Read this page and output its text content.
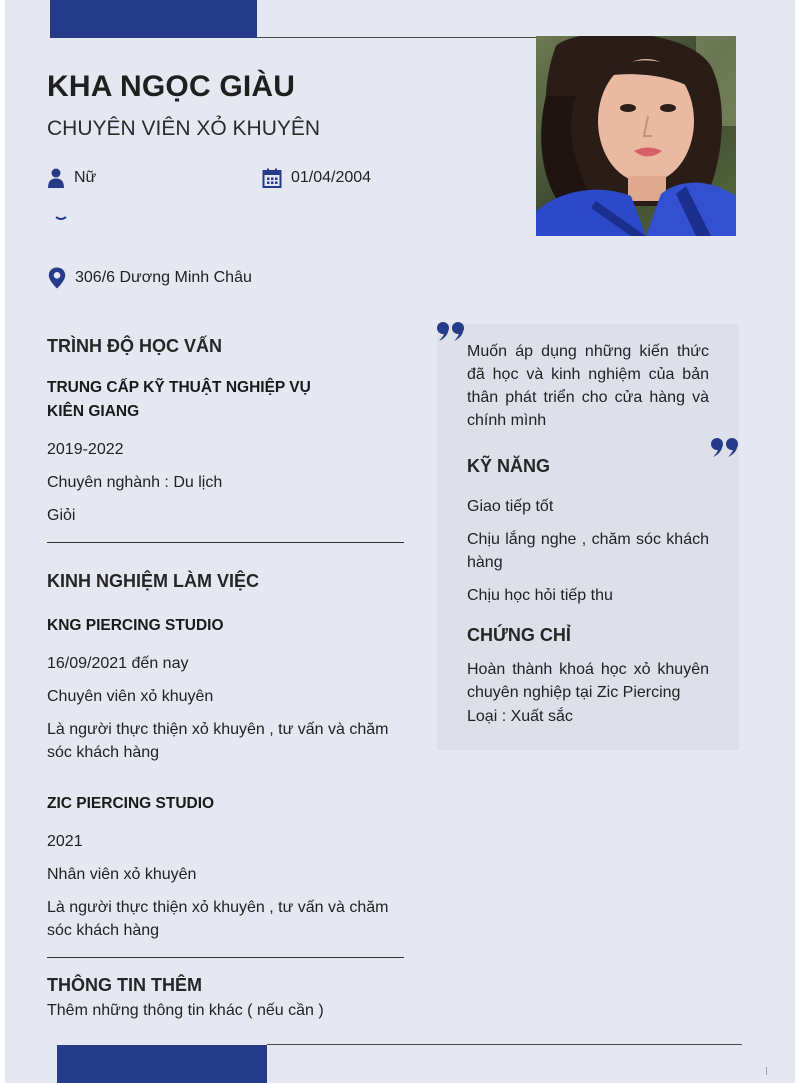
KHA NGỌC GIÀU
CHUYÊN VIÊN XỎ KHUYÊN
Nữ	01/04/2004
306/6 Dương Minh Châu
TRÌNH ĐỘ HỌC VẤN
TRUNG CẤP KỸ THUẬT NGHIỆP VỤ KIÊN GIANG
2019-2022
Chuyên nghành : Du lịch
Giỏi
KINH NGHIỆM LÀM VIỆC
KNG PIERCING STUDIO
16/09/2021 đến nay
Chuyên viên xỏ khuyên
Là người thực thiện xỏ khuyên , tư vấn và chăm sóc khách hàng
ZIC PIERCING STUDIO
2021
Nhân viên xỏ khuyên
Là người thực thiện xỏ khuyên , tư vấn và chăm sóc khách hàng
THÔNG TIN THÊM
Thêm những thông tin khác ( nếu cần )
Muốn áp dụng những kiến thức đã học và kinh nghiệm của bản thân phát triển cho cửa hàng và chính mình
KỸ NĂNG
Giao tiếp tốt
Chịu lắng nghe , chăm sóc khách hàng
Chịu học hỏi tiếp thu
CHỨNG CHỈ
Hoàn thành khoá học xỏ khuyên
chuyên nghiệp tại Zic Piercing
Loại : Xuất sắc
